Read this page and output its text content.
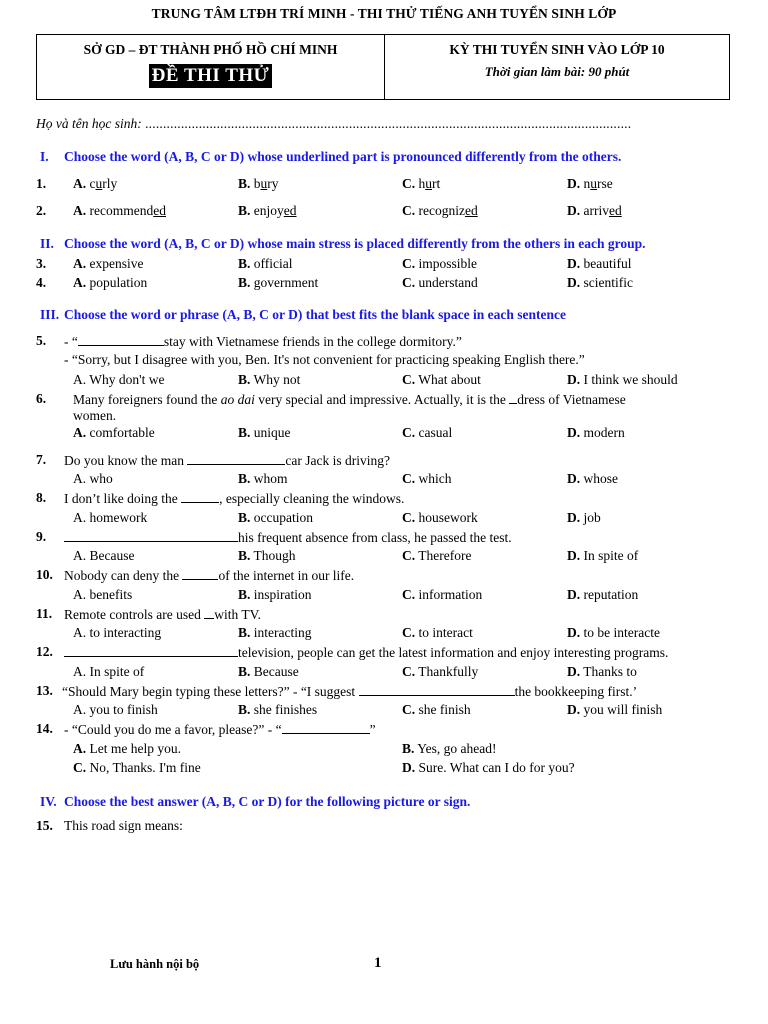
TRUNG TÂM LTĐH TRÍ MINH - THI THỬ TIẾNG ANH TUYỂN SINH LỚP
SỞ GD – ĐT THÀNH PHỐ HỒ CHÍ MINH
ĐỀ THI THỬ
KỲ THI TUYỂN SINH VÀO LỚP 10
Thời gian làm bài: 90 phút
Họ và tên học sinh: ........................................................................................................................................
I. Choose the word (A, B, C or D) whose underlined part is pronounced differently from the others.
1. A. curly	B. bury	C. hurt	D. nurse
2. A. recommended	B. enjoyed	C. recognized	D. arrived
II. Choose the word (A, B, C or D) whose main stress is placed differently from the others in each group.
3. A. expensive	B. official	C. impossible	D. beautiful
4. A. population	B. government	C. understand	D. scientific
III. Choose the word or phrase (A, B, C or D) that best fits the blank space in each sentence
5. - “	stay with Vietnamese friends in the college dormitory.”
- “Sorry, but I disagree with you, Ben. It's not convenient for practicing speaking English there.”
A. Why don't we	B. Why not	C. What about	D. I think we should
6. Many foreigners found the ao dai very special and impressive. Actually, it is the dress of Vietnamese
women.
A. comfortable	B. unique	C. casual	D. modern
7. Do you know the man	car Jack is driving?
A. who	B. whom	C. which	D. whose
8. I don’t like doing the	, especially cleaning the windows.
A. homework	B. occupation	C. housework	D. job
9.	his frequent absence from class, he passed the test.
A. Because	B. Though	C. Therefore	D. In spite of
10. Nobody can deny the	of the internet in our life.
A. benefits	B. inspiration	C. information	D. reputation
11. Remote controls are used with TV.
A. to interacting	B. interacting	C. to interact	D. to be interacte
12.	television, people can get the latest information and enjoy interesting programs.
A. In spite of	B. Because	C. Thankfully	D. Thanks to
13. “Should Mary begin typing these letters?” - “I suggest	the bookkeeping first.’
A. you to finish	B. she finishes	C. she finish	D. you will finish
14. - “Could you do me a favor, please?” - “	”
A. Let me help you.	B. Yes, go ahead!
C. No, Thanks. I'm fine	D. Sure. What can I do for you?
IV. Choose the best answer (A, B, C or D) for the following picture or sign.
15. This road sign means:
Lưu hành nội bộ	1
